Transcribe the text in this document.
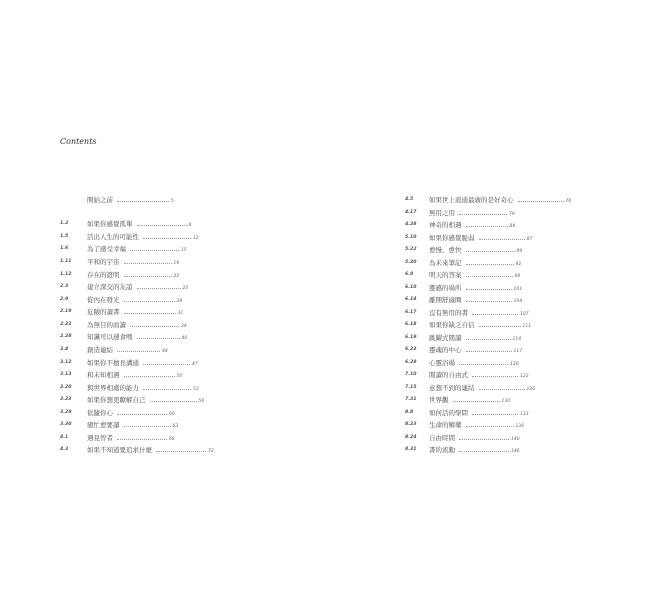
Contents
開始之前	5
1.3	如果你感覺孤單	8
1.5	活出人生的可能性	12
1.6	為了感受幸福	15
1.11 平和的宇宙	19
1.12 存在的證明	22
2.3	建立深交的友誼	25
2.9	從內在發光	28
2.19 危險的讀書	31
2.22 為無目的而讀	34
2.28 知識可以速食嗎	40
3.4	創造連結	44
3.12 如果你不擅長溝通	47
3.13 和未知相遇	50
3.20 與世界相處的能力	53
3.23 如果你想更瞭解自己	56
3.29 依隨你心	60
3.30 癒忙愈要讀	63
4.1	遇見智者	68
4.3	如果不知道要追求什麼	72
4.5 如果世上流通最廣的是好奇心	76
4.17 無用之用	79
4.28 神奇的相遇	84
5.10 如果你感覺脆弱	87
5.22 愈慢，愈快	89
5.30 為未來筆記	92
6.9 明天的答案	98
6.10 靈感的場所	101
6.14 離開舒適圈	104
6.17 沒有無用的書	107
6.18 如果你缺乏自信	111
6.19 跳躍式閱讀	114
6.23 靈魂的中心	117
6.29 心靈浴場	120
7.10 閱讀的自由式	123
7.15 意想不到的連結	126
7.31 世界觀	130
8.8 如何活的學問	133
8.23 生命的解藥	136
8.24 自由時間	140
8.31 書的流動	146
